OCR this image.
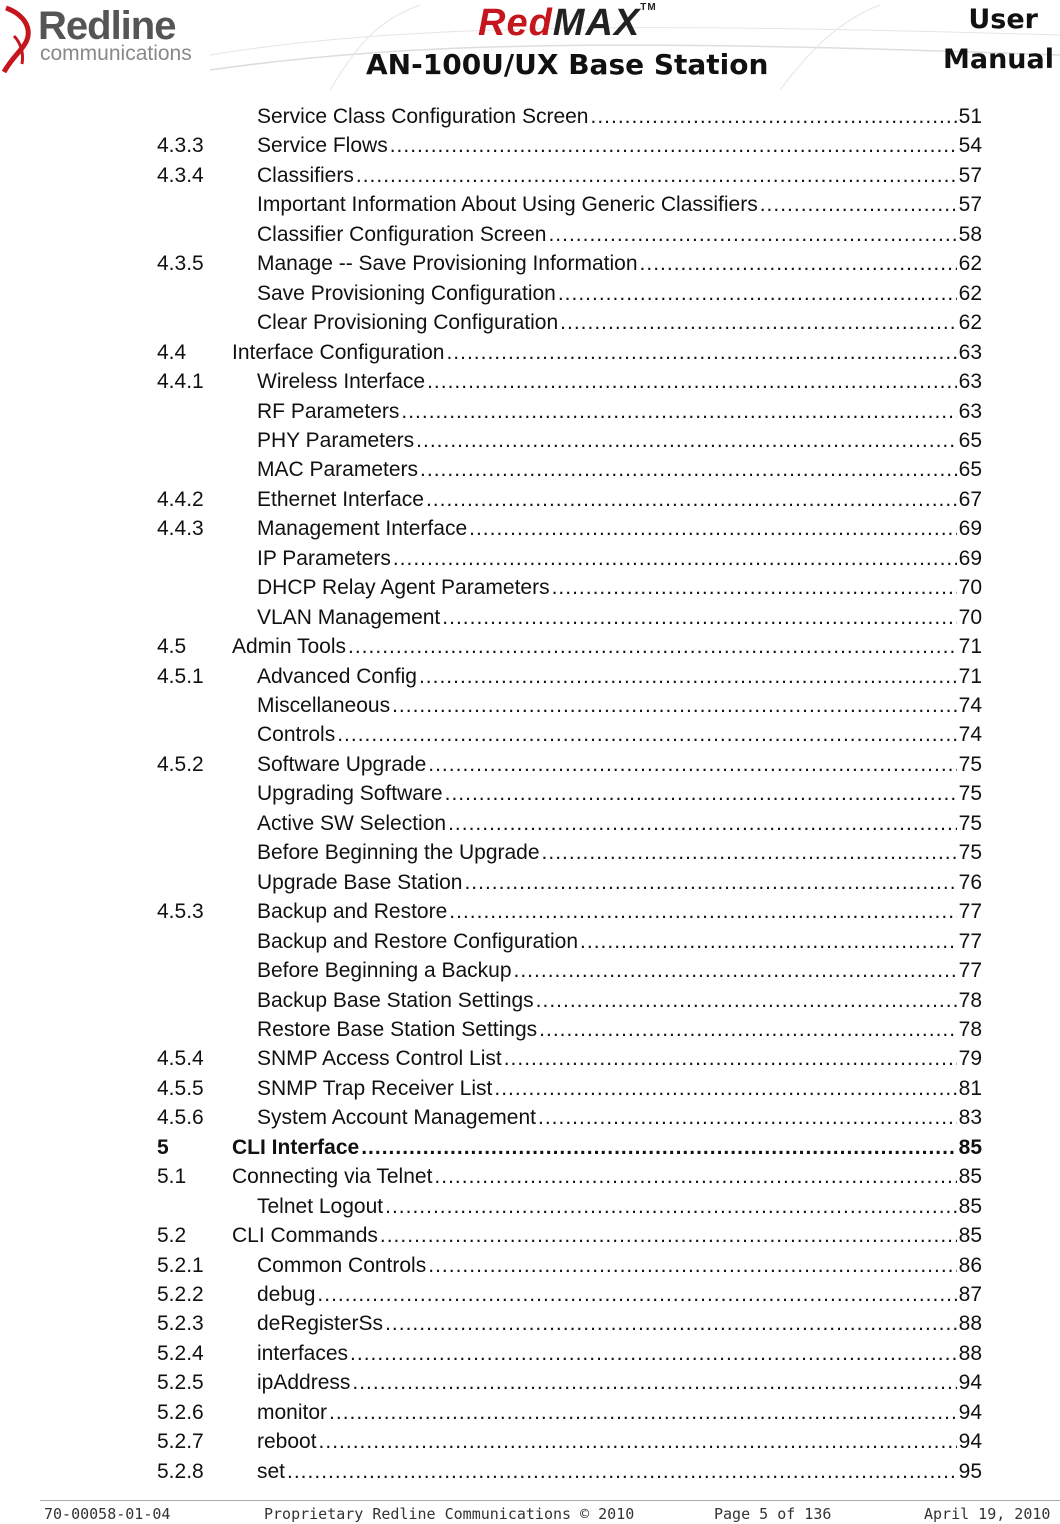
Redline
communications
RedMAX™
AN-100U/UX Base Station
User
Manual
Service Class Configuration Screen .....	51
4.3.3	Service Flows .....	54
4.3.4	Classifiers .....	57
Important Information About Using Generic Classifiers .....	57
Classifier Configuration Screen .....	58
4.3.5	Manage -- Save Provisioning Information .....	62
Save Provisioning Configuration .....	62
Clear Provisioning Configuration .....	62
4.4 Interface Configuration .....	63
4.4.1	Wireless Interface .....	63
RF Parameters .....	63
PHY Parameters .....	65
MAC Parameters .....	65
4.4.2	Ethernet Interface .....	67
4.4.3	Management Interface .....	69
IP Parameters .....	69
DHCP Relay Agent Parameters .....	70
VLAN Management .....	70
4.5 Admin Tools .....	71
4.5.1	Advanced Config .....	71
Miscellaneous .....	74
Controls .....	74
4.5.2	Software Upgrade .....	75
Upgrading Software .....	75
Active SW Selection .....	75
Before Beginning the Upgrade .....	75
Upgrade Base Station .....	76
4.5.3	Backup and Restore .....	77
Backup and Restore Configuration .....	77
Before Beginning a Backup .....	77
Backup Base Station Settings .....	78
Restore Base Station Settings .....	78
4.5.4	SNMP Access Control List .....	79
4.5.5	SNMP Trap Receiver List .....	81
4.5.6	System Account Management .....	83
5	CLI Interface .....	85
5.1 Connecting via Telnet .....	85
Telnet Logout .....	85
5.2 CLI Commands .....	85
5.2.1	Common Controls .....	86
5.2.2	debug .....	87
5.2.3	deRegisterSs .....	88
5.2.4	interfaces .....	88
5.2.5	ipAddress .....	94
5.2.6	monitor .....	94
5.2.7	reboot .....	94
5.2.8	set .....	95
70-00058-01-04	Proprietary Redline Communications © 2010	Page 5 of 136	April 19, 2010
